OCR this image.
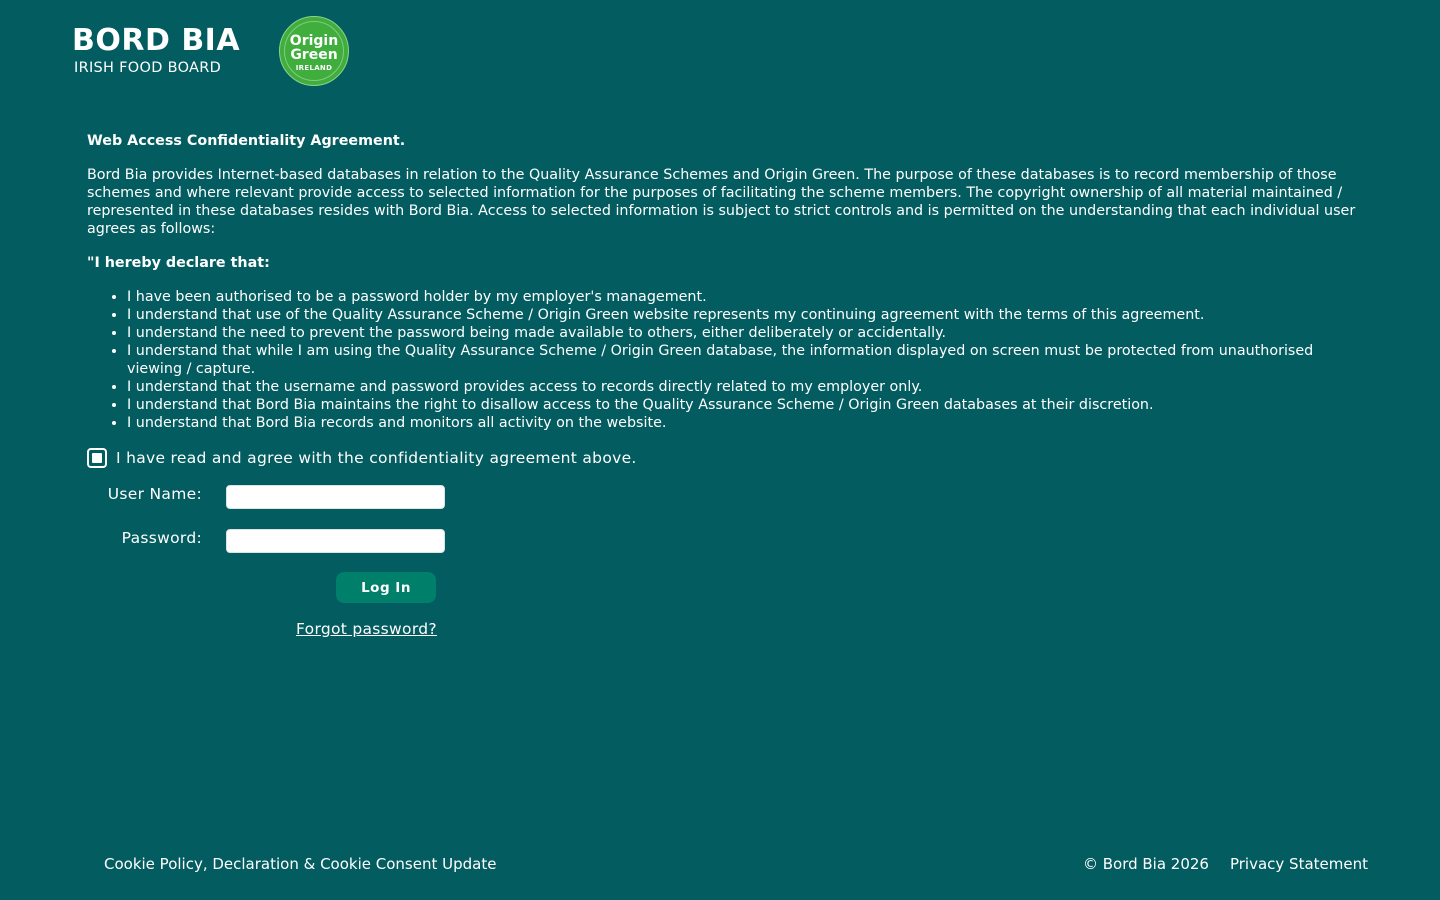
BORD BIA
IRISH FOOD BOARD
Origin
Green
IRELAND

Web Access Confidentiality Agreement.

Bord Bia provides Internet-based databases in relation to the Quality Assurance Schemes and Origin Green. The purpose of these databases is to record membership of those schemes and where relevant provide access to selected information for the purposes of facilitating the scheme members. The copyright ownership of all material maintained / represented in these databases resides with Bord Bia. Access to selected information is subject to strict controls and is permitted on the understanding that each individual user agrees as follows:

"I hereby declare that:

• I have been authorised to be a password holder by my employer's management.
• I understand that use of the Quality Assurance Scheme / Origin Green website represents my continuing agreement with the terms of this agreement.
• I understand the need to prevent the password being made available to others, either deliberately or accidentally.
• I understand that while I am using the Quality Assurance Scheme / Origin Green database, the information displayed on screen must be protected from unauthorised viewing / capture.
• I understand that the username and password provides access to records directly related to my employer only.
• I understand that Bord Bia maintains the right to disallow access to the Quality Assurance Scheme / Origin Green databases at their discretion.
• I understand that Bord Bia records and monitors all activity on the website.
I have read and agree with the confidentiality agreement above.
User Name:
Password:
Log In
Forgot password?
Cookie Policy, Declaration & Cookie Consent Update	© Bord Bia 2026 Privacy Statement
